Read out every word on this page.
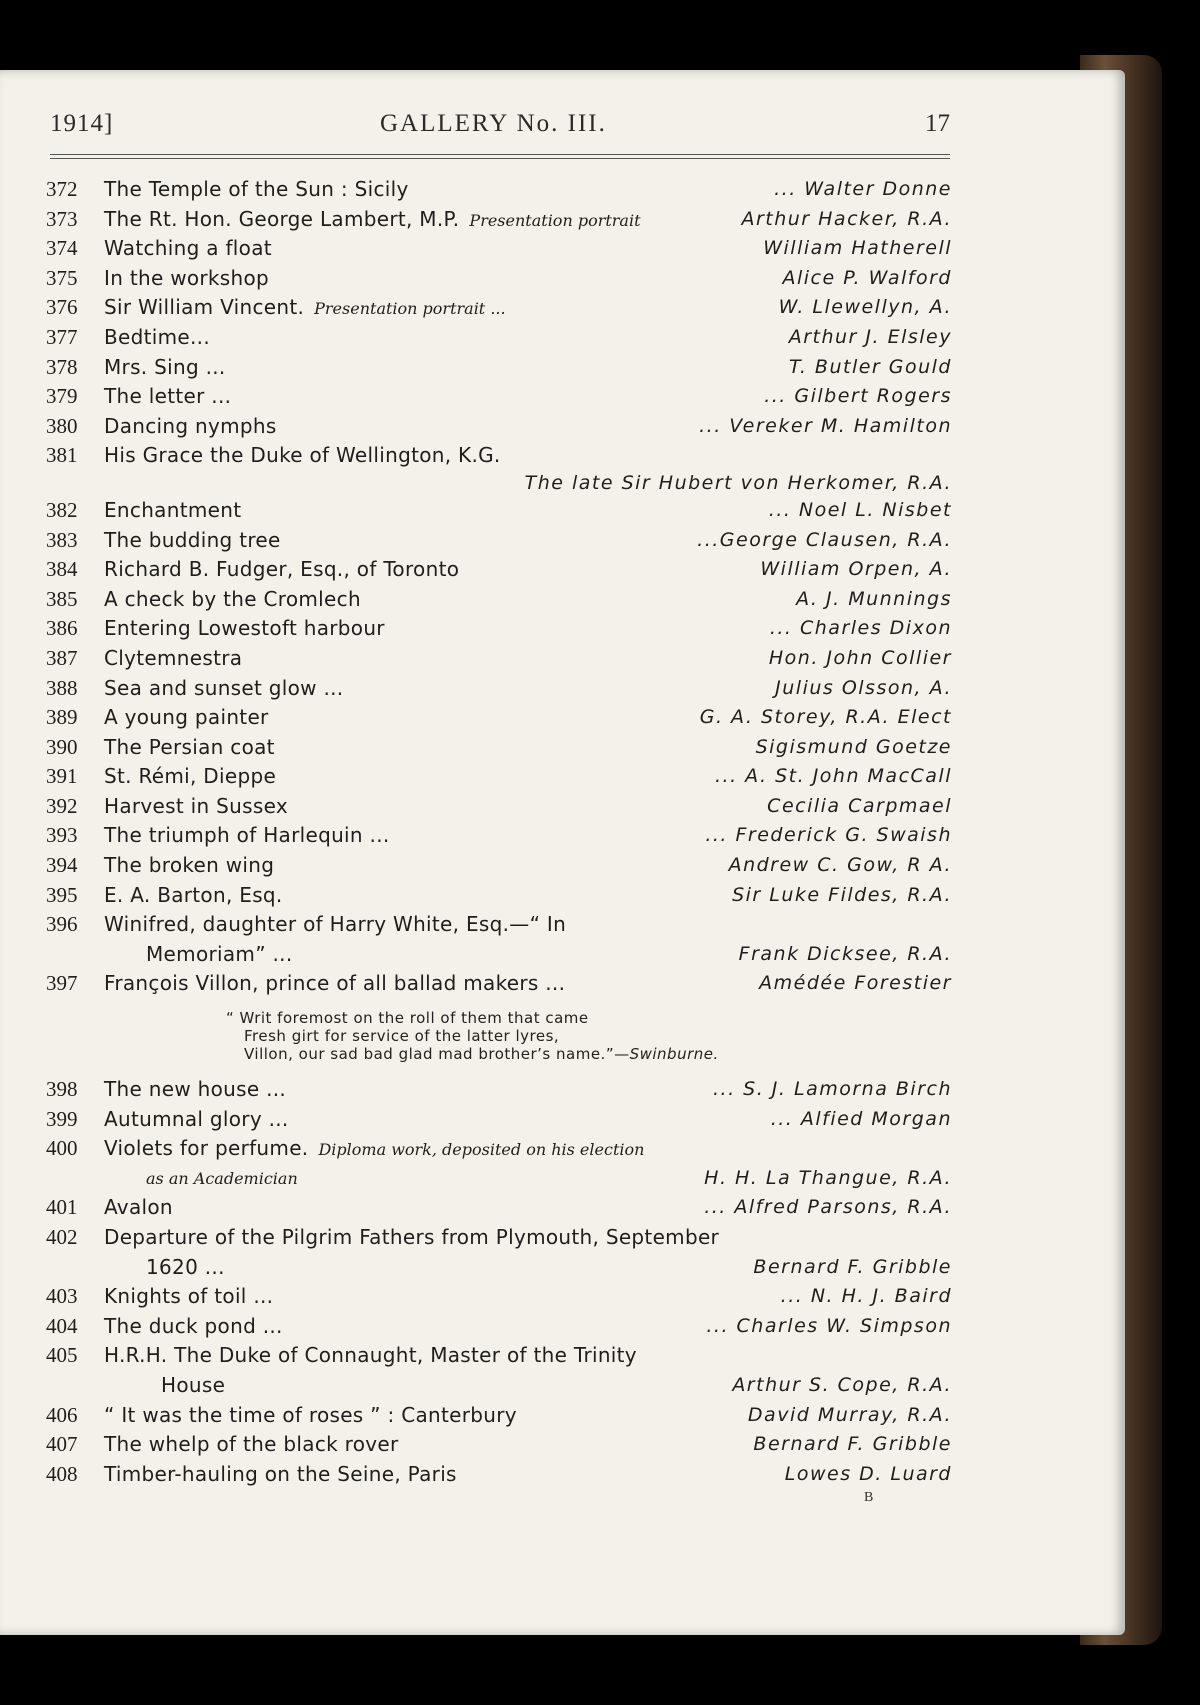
1914]	GALLERY No. III.	17
372	The Temple of the Sun : Sicily	... Walter Donne
373	The Rt. Hon. George Lambert, M.P. Presentation portrait	Arthur Hacker, R.A.
374	Watching a float	William Hatherell
375	In the workshop	Alice P. Walford
376	Sir William Vincent. Presentation portrait ...	W. Llewellyn, A.
377	Bedtime...	Arthur J. Elsley
378	Mrs. Sing ...	T. Butler Gould
379	The letter ...	... Gilbert Rogers
380	Dancing nymphs	... Vereker M. Hamilton
381	His Grace the Duke of Wellington, K.G.
The late Sir Hubert von Herkomer, R.A.
382	Enchantment	... Noel L. Nisbet
383	The budding tree	...George Clausen, R.A.
384	Richard B. Fudger, Esq., of Toronto	William Orpen, A.
385	A check by the Cromlech	A. J. Munnings
386	Entering Lowestoft harbour	... Charles Dixon
387	Clytemnestra	Hon. John Collier
388	Sea and sunset glow ...	Julius Olsson, A.
389	A young painter	G. A. Storey, R.A. Elect
390	The Persian coat	Sigismund Goetze
391	St. Rémi, Dieppe	... A. St. John MacCall
392	Harvest in Sussex	Cecilia Carpmael
393	The triumph of Harlequin ...	... Frederick G. Swaish
394	The broken wing	Andrew C. Gow, R A.
395	E. A. Barton, Esq.	Sir Luke Fildes, R.A.
396	Winifred, daughter of Harry White, Esq.—“ In
Memoriam” ...	Frank Dicksee, R.A.
397	François Villon, prince of all ballad makers ...	Amédée Forestier
“ Writ foremost on the roll of them that came
Fresh girt for service of the latter lyres,
Villon, our sad bad glad mad brother’s name.”—Swinburne.
398	The new house ...	... S. J. Lamorna Birch
399	Autumnal glory ...	... Alfied Morgan
400	Violets for perfume. Diploma work, deposited on his election
as an Academician	H. H. La Thangue, R.A.
401	Avalon	... Alfred Parsons, R.A.
402	Departure of the Pilgrim Fathers from Plymouth, September
1620 ...	Bernard F. Gribble
403	Knights of toil ...	... N. H. J. Baird
404	The duck pond ...	... Charles W. Simpson
405	H.R.H. The Duke of Connaught, Master of the Trinity
House	Arthur S. Cope, R.A.
406	“ It was the time of roses ” : Canterbury	David Murray, R.A.
407	The whelp of the black rover	Bernard F. Gribble
408	Timber-hauling on the Seine, Paris	Lowes D. Luard
B
